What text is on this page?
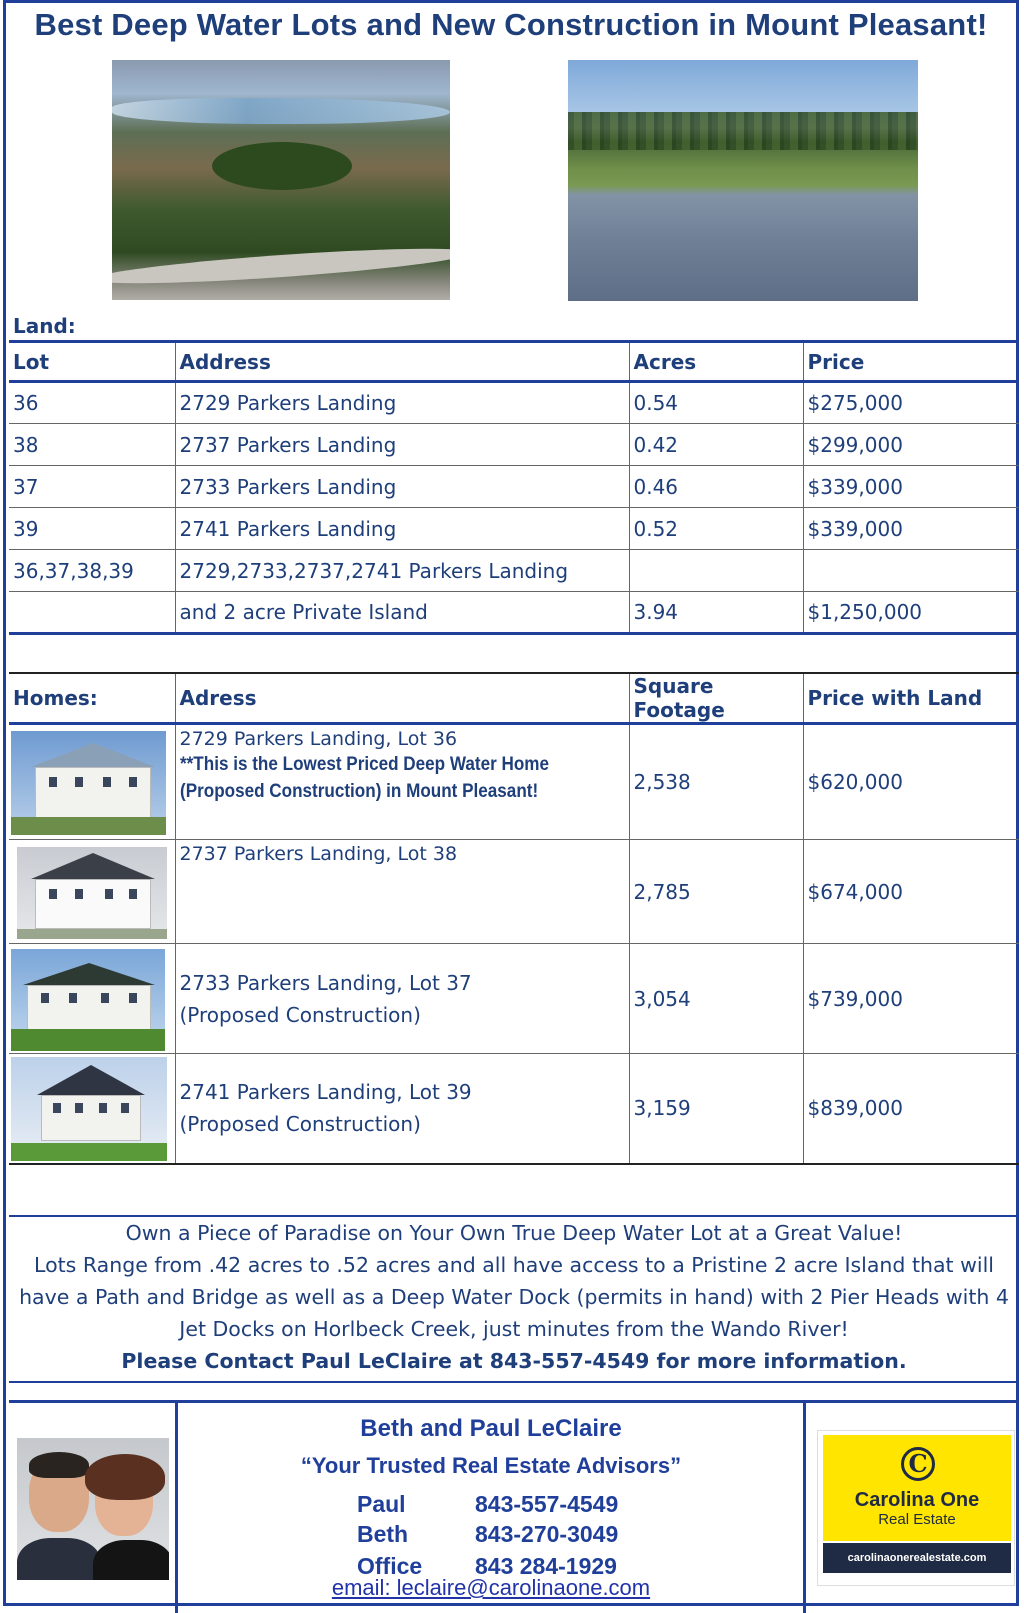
Best Deep Water Lots and New Construction in Mount Pleasant!
Land:
Lot	Address	Acres	Price
36	2729 Parkers Landing	0.54	$275,000
38	2737 Parkers Landing	0.42	$299,000
37	2733 Parkers Landing	0.46	$339,000
39	2741 Parkers Landing	0.52	$339,000
36,37,38,39	2729,2733,2737,2741 Parkers Landing		
	and 2 acre Private Island	3.94	$1,250,000
Homes:	Adress	Square Footage	Price with Land

	2729 Parkers Landing, Lot 36
**This is the Lowest Priced Deep Water Home (Proposed Construction) in Mount Pleasant!	2,538	$620,000

	2737 Parkers Landing, Lot 38	2,785	$674,000

	2733 Parkers Landing, Lot 37
(Proposed Construction)	3,054	$739,000

	2741 Parkers Landing, Lot 39
(Proposed Construction)	3,159	$839,000
Own a Piece of Paradise on Your Own True Deep Water Lot at a Great Value!
Lots Range from .42 acres to .52 acres and all have access to a Pristine 2 acre Island that will have a Path and Bridge as well as a Deep Water Dock (permits in hand) with 2 Pier Heads with 4 Jet Docks on Horlbeck Creek, just minutes from the Wando River!
Please Contact Paul LeClaire at 843-557-4549 for more information.
Beth and Paul LeClaire
“Your Trusted Real Estate Advisors”
Paul	843-557-4549
Beth	843-270-3049
Office 843 284-1929
email: leclaire@carolinaone.com
C
Carolina One
Real Estate
carolinaonerealestate.com
